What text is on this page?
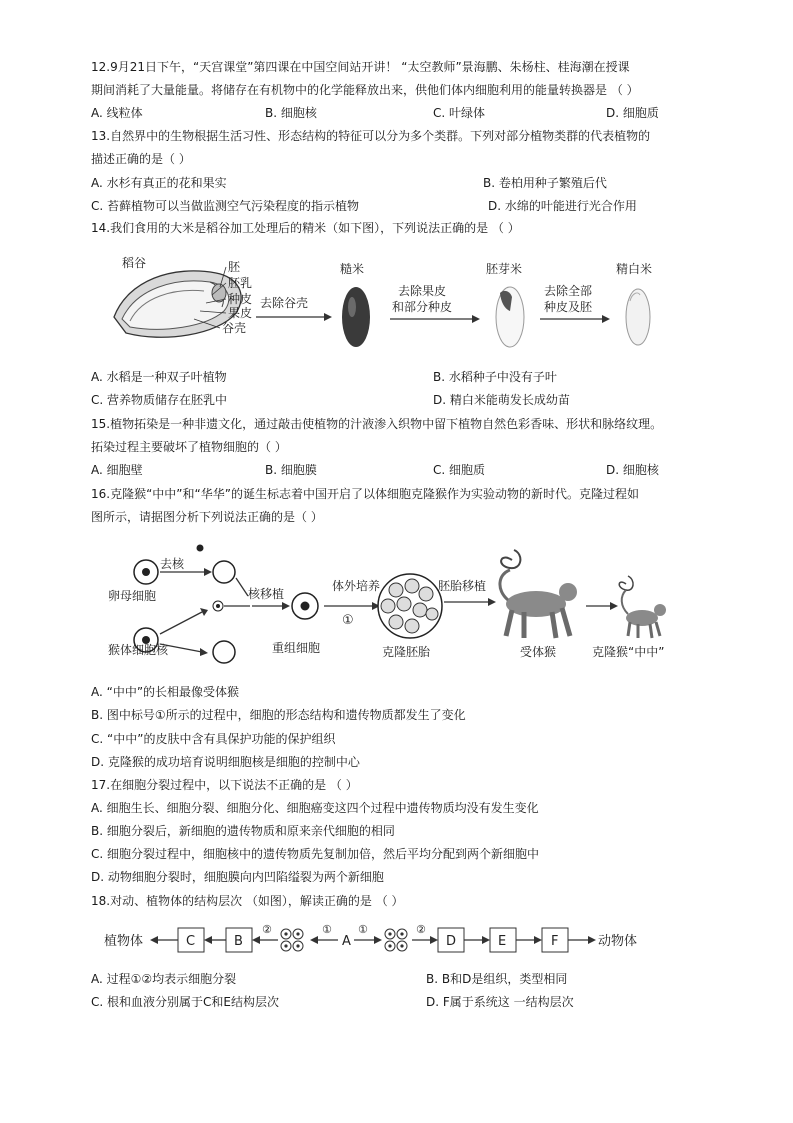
12.9月21日下午，“天宫课堂”第四课在中国空间站开讲！ “太空教师”景海鹏、朱杨柱、桂海潮在授课
期间消耗了大量能量。将储存在有机物中的化学能释放出来，供他们体内细胞利用的能量转换器是 （ ）
A. 线粒体	B. 细胞核	C. 叶绿体	D. 细胞质
13.自然界中的生物根据生活习性、形态结构的特征可以分为多个类群。下列对部分植物类群的代表植物的
描述正确的是（ ）
A. 水杉有真正的花和果实	B. 卷柏用种子繁殖后代
C. 苔藓植物可以当做监测空气污染程度的指示植物	D. 水绵的叶能进行光合作用
14.我们食用的大米是稻谷加工处理后的精米（如下图），下列说法正确的是 （ ）
稻谷	胚
胚乳
种皮
果皮
谷壳
去除谷壳
糙米
去除果皮
和部分种皮
胚芽米
去除全部
种皮及胚
精白米
A. 水稻是一种双子叶植物	B. 水稻种子中没有子叶
C. 营养物质储存在胚乳中	D. 精白米能萌发长成幼苗
15.植物拓染是一种非遗文化，通过敲击使植物的汁液渗入织物中留下植物自然色彩香味、形状和脉络纹理。
拓染过程主要破坏了植物细胞的（ ）
A. 细胞壁	B. 细胞膜	C. 细胞质	D. 细胞核
16.克隆猴“中中”和“华华”的诞生标志着中国开启了以体细胞克隆猴作为实验动物的新时代。克隆过程如
图所示，请据图分析下列说法正确的是（ ）
去核
卵母细胞
猴体细胞核
核移植
重组细胞
体外培养
①
克隆胚胎
胚胎移植
受体猴	克隆猴“中中”
A. “中中”的长相最像受体猴
B. 图中标号①所示的过程中，细胞的形态结构和遗传物质都发生了变化
C. “中中”的皮肤中含有具保护功能的保护组织
D. 克隆猴的成功培育说明细胞核是细胞的控制中心
17.在细胞分裂过程中，以下说法不正确的是 （ ）
A. 细胞生长、细胞分裂、细胞分化、细胞癌变这四个过程中遗传物质均没有发生变化
B. 细胞分裂后，新细胞的遗传物质和原来亲代细胞的相同
C. 细胞分裂过程中，细胞核中的遗传物质先复制加倍，然后平均分配到两个新细胞中
D. 动物细胞分裂时，细胞膜向内凹陷缢裂为两个新细胞
18.对动、植物体的结构层次 （如图），解读正确的是 （ ）
植物体	C	B
②	①
A
①	②
D	E	F	动物体
A. 过程①②均表示细胞分裂	B. B和D是组织，类型相同
C. 根和血液分别属于C和E结构层次	D. F属于系统这 一结构层次
